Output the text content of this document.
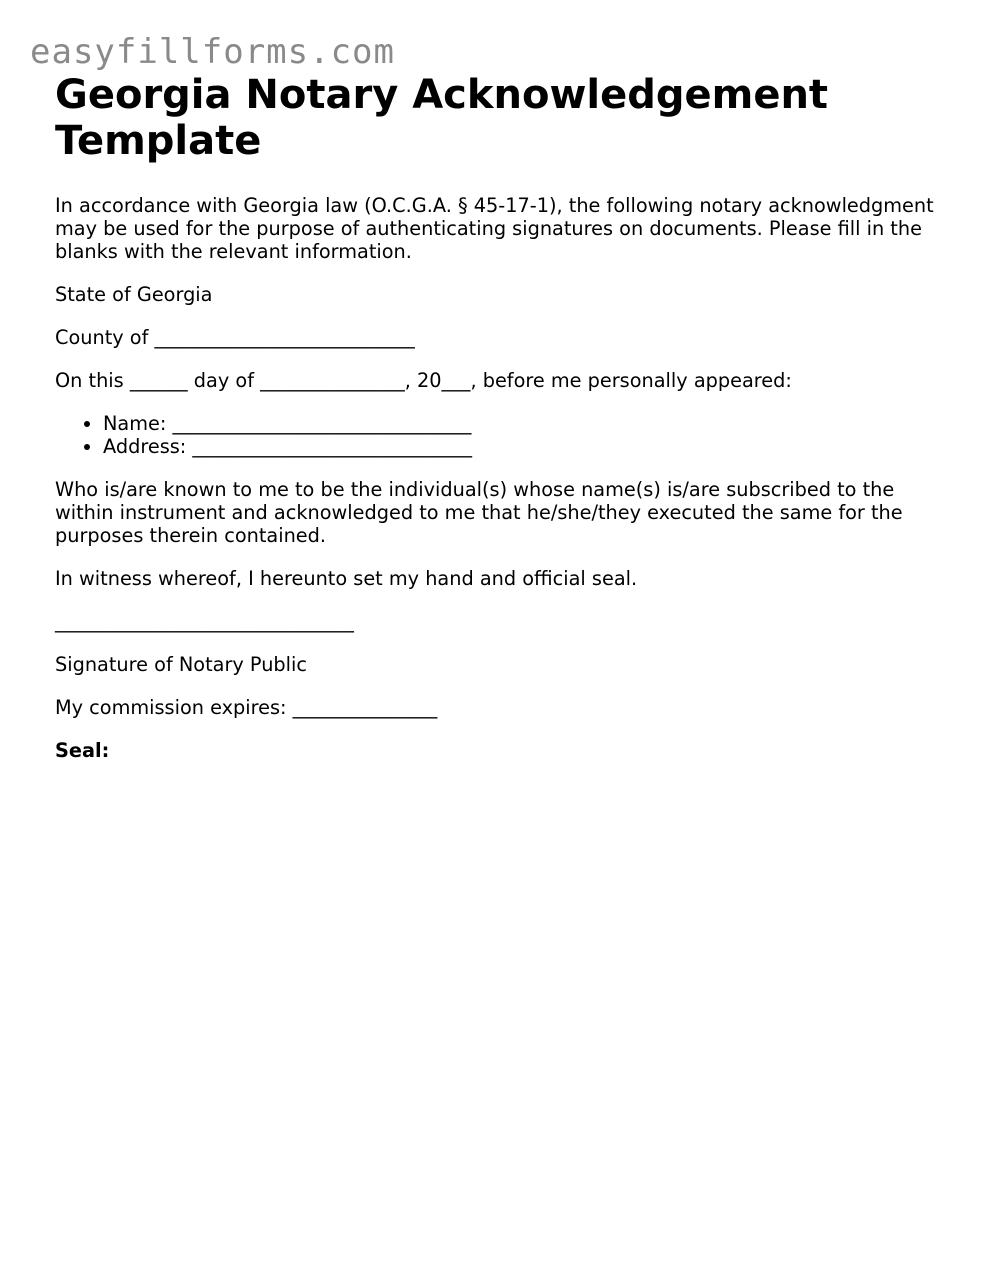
easyfillforms.com
Georgia Notary Acknowledgement Template

In accordance with Georgia law (O.C.G.A. § 45-17-1), the following notary acknowledgment may be used for the purpose of authenticating signatures on documents. Please fill in the blanks with the relevant information.

State of Georgia

County of ___________________________

On this ______ day of _______________, 20___, before me personally appeared:

• Name: _______________________________
• Address: _____________________________

Who is/are known to me to be the individual(s) whose name(s) is/are subscribed to the within instrument and acknowledged to me that he/she/they executed the same for the purposes therein contained.

In witness whereof, I hereunto set my hand and official seal.

_______________________________

Signature of Notary Public

My commission expires: _______________

Seal:
